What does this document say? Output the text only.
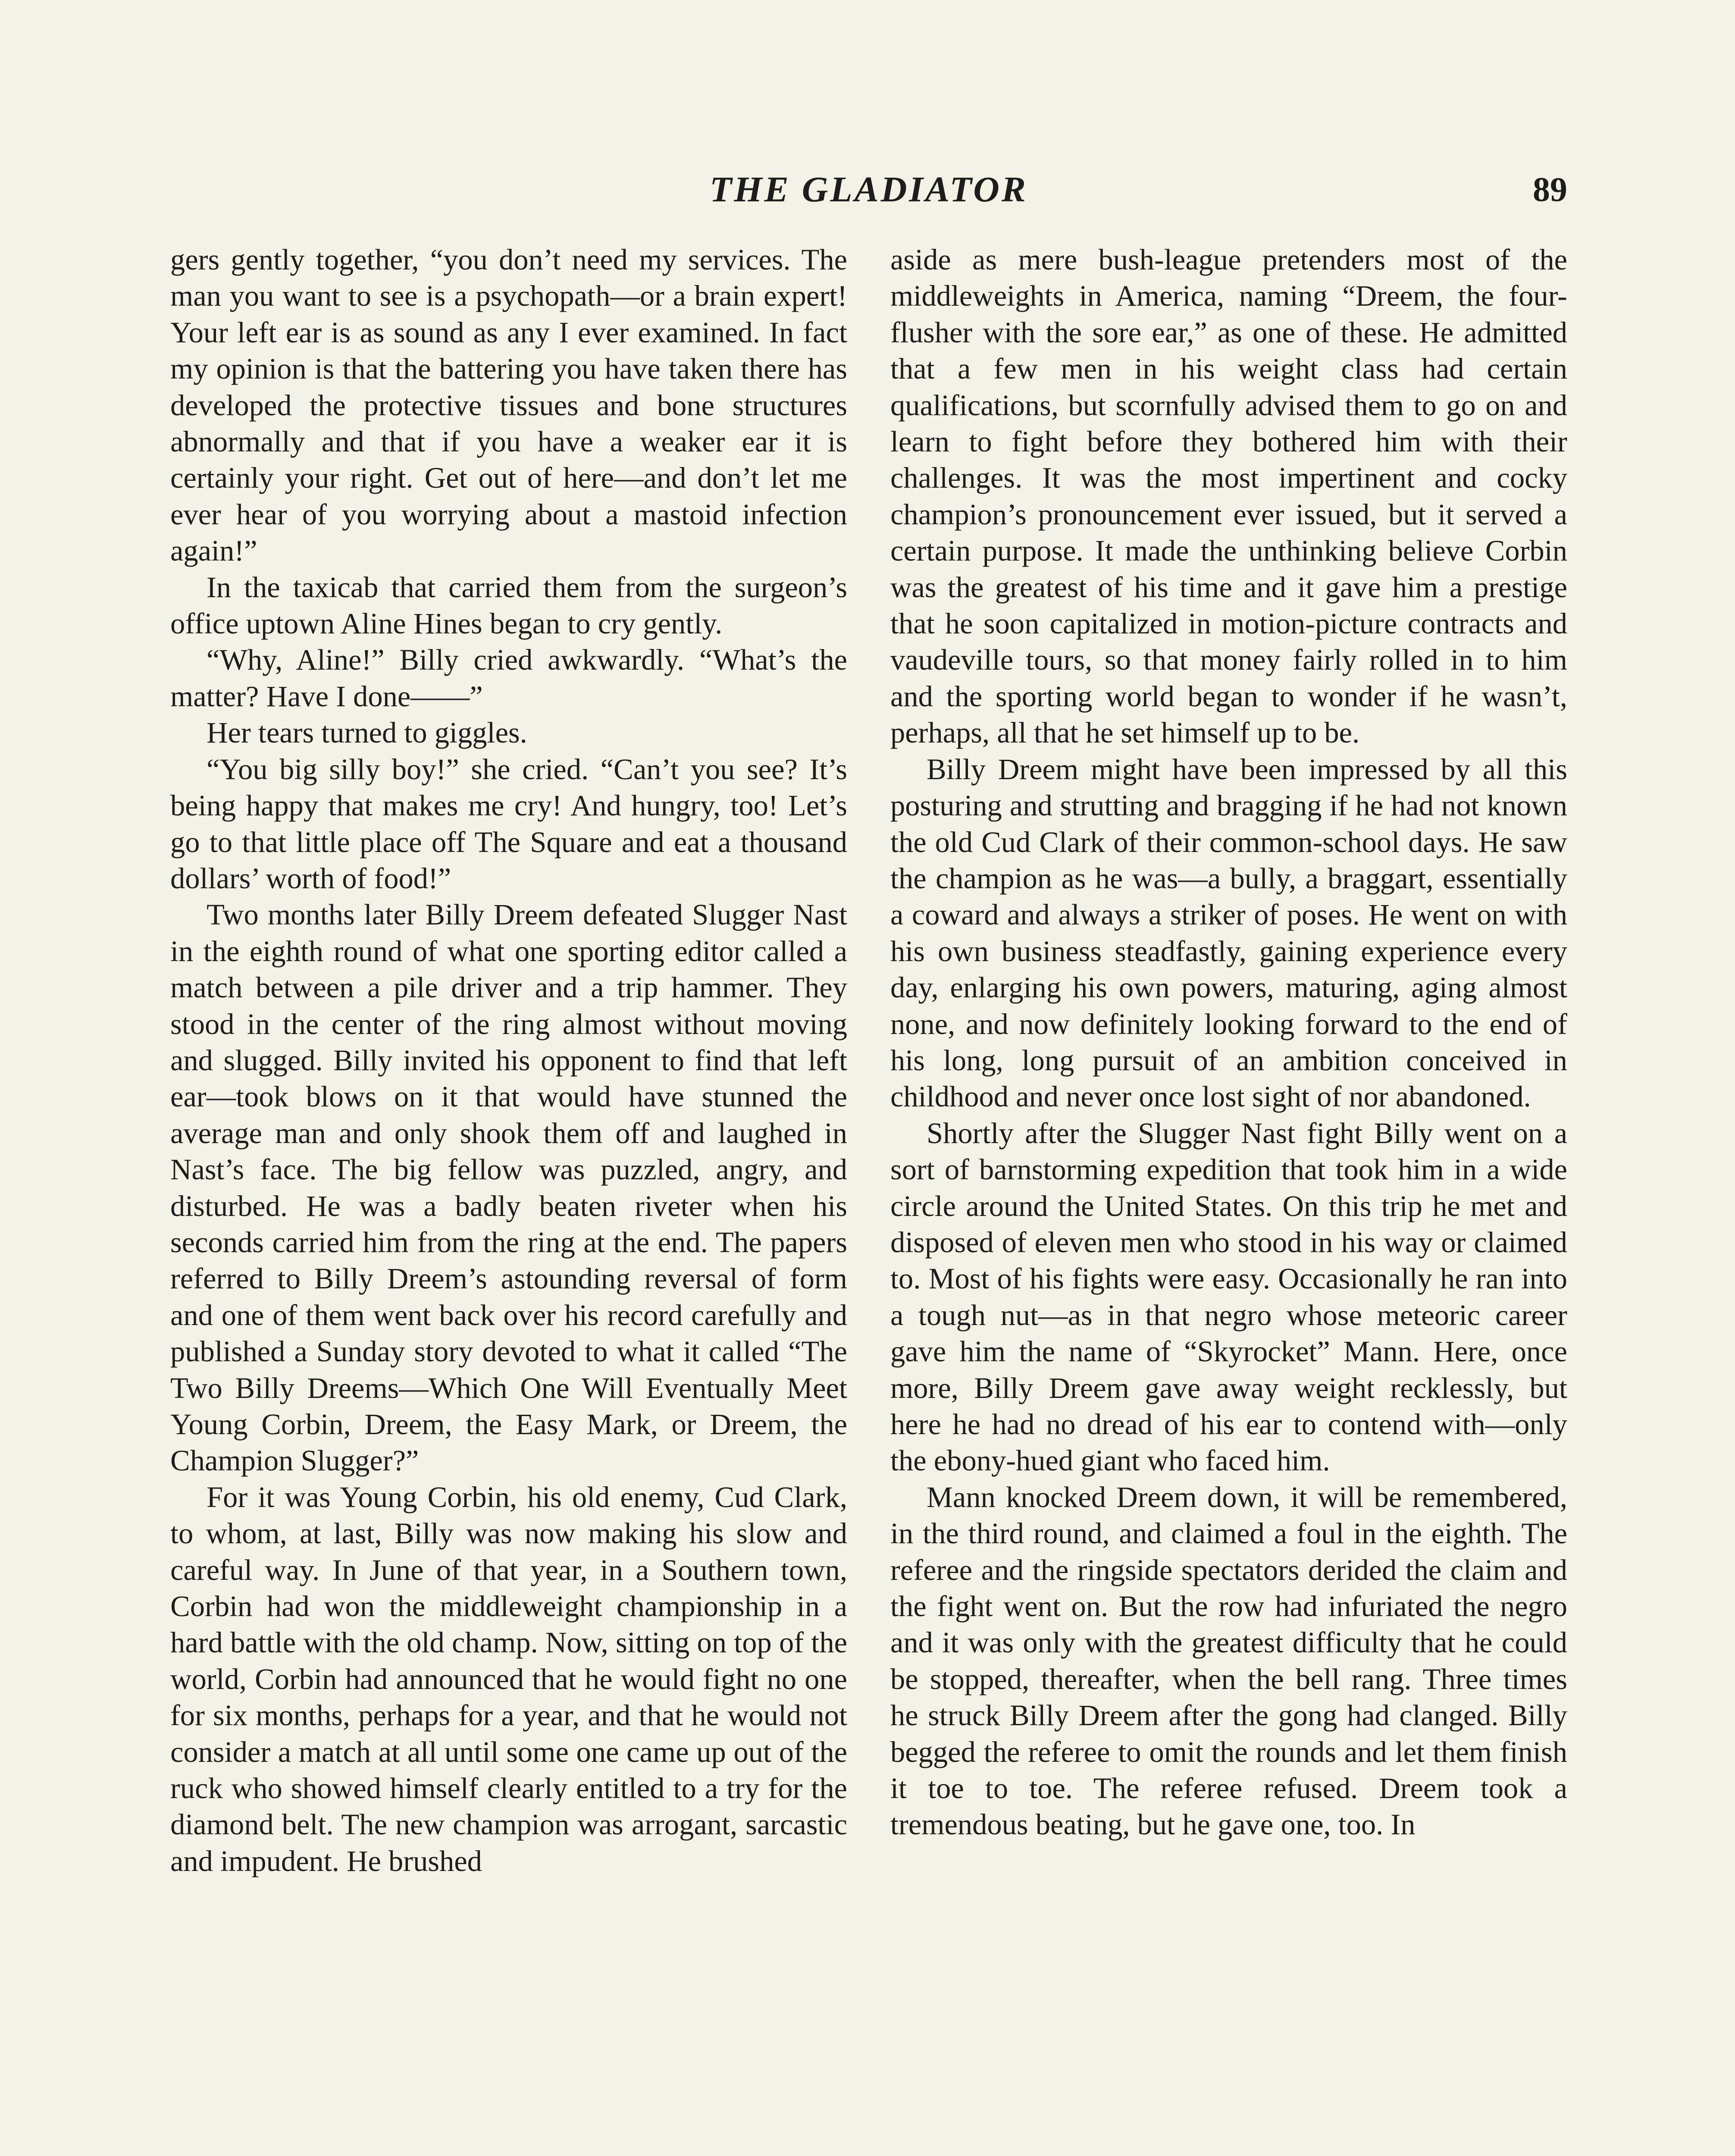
THE GLADIATOR	89

gers gently together, “you don’t need my services. The man you want to see is a psychopath—or a brain expert! Your left ear is as sound as any I ever examined. In fact my opinion is that the battering you have taken there has developed the protective tissues and bone structures abnormally and that if you have a weaker ear it is certainly your right. Get out of here—and don’t let me ever hear of you worrying about a mastoid infection again!”

In the taxicab that carried them from the surgeon’s office uptown Aline Hines began to cry gently.

“Why, Aline!” Billy cried awkwardly. “What’s the matter? Have I done——”

Her tears turned to giggles.

“You big silly boy!” she cried. “Can’t you see? It’s being happy that makes me cry! And hungry, too! Let’s go to that little place off The Square and eat a thousand dollars’ worth of food!”

Two months later Billy Dreem defeated Slugger Nast in the eighth round of what one sporting editor called a match between a pile driver and a trip hammer. They stood in the center of the ring almost without moving and slugged. Billy invited his opponent to find that left ear—took blows on it that would have stunned the average man and only shook them off and laughed in Nast’s face. The big fellow was puzzled, angry, and disturbed. He was a badly beaten riveter when his seconds carried him from the ring at the end. The papers referred to Billy Dreem’s astounding reversal of form and one of them went back over his record carefully and published a Sunday story devoted to what it called “The Two Billy Dreems—Which One Will Eventually Meet Young Corbin, Dreem, the Easy Mark, or Dreem, the Champion Slugger?”

For it was Young Corbin, his old enemy, Cud Clark, to whom, at last, Billy was now making his slow and careful way. In June of that year, in a Southern town, Corbin had won the middleweight championship in a hard battle with the old champ. Now, sitting on top of the world, Corbin had announced that he would fight no one for six months, perhaps for a year, and that he would not consider a match at all until some one came up out of the ruck who showed himself clearly entitled to a try for the diamond belt. The new champion was arrogant, sarcastic and impudent. He brushed

aside as mere bush-league pretenders most of the middleweights in America, naming “Dreem, the four-flusher with the sore ear,” as one of these. He admitted that a few men in his weight class had certain qualifications, but scornfully advised them to go on and learn to fight before they bothered him with their challenges. It was the most impertinent and cocky champion’s pronouncement ever issued, but it served a certain purpose. It made the unthinking believe Corbin was the greatest of his time and it gave him a prestige that he soon capitalized in motion-picture contracts and vaudeville tours, so that money fairly rolled in to him and the sporting world began to wonder if he wasn’t, perhaps, all that he set himself up to be.

Billy Dreem might have been impressed by all this posturing and strutting and bragging if he had not known the old Cud Clark of their common-school days. He saw the champion as he was—a bully, a braggart, essentially a coward and always a striker of poses. He went on with his own business steadfastly, gaining experience every day, enlarging his own powers, maturing, aging almost none, and now definitely looking forward to the end of his long, long pursuit of an ambition conceived in childhood and never once lost sight of nor abandoned.

Shortly after the Slugger Nast fight Billy went on a sort of barnstorming expedition that took him in a wide circle around the United States. On this trip he met and disposed of eleven men who stood in his way or claimed to. Most of his fights were easy. Occasionally he ran into a tough nut—as in that negro whose meteoric career gave him the name of “Skyrocket” Mann. Here, once more, Billy Dreem gave away weight recklessly, but here he had no dread of his ear to contend with—only the ebony-hued giant who faced him.

Mann knocked Dreem down, it will be remembered, in the third round, and claimed a foul in the eighth. The referee and the ringside spectators derided the claim and the fight went on. But the row had infuriated the negro and it was only with the greatest difficulty that he could be stopped, thereafter, when the bell rang. Three times he struck Billy Dreem after the gong had clanged. Billy begged the referee to omit the rounds and let them finish it toe to toe. The referee refused. Dreem took a tremendous beating, but he gave one, too. In
